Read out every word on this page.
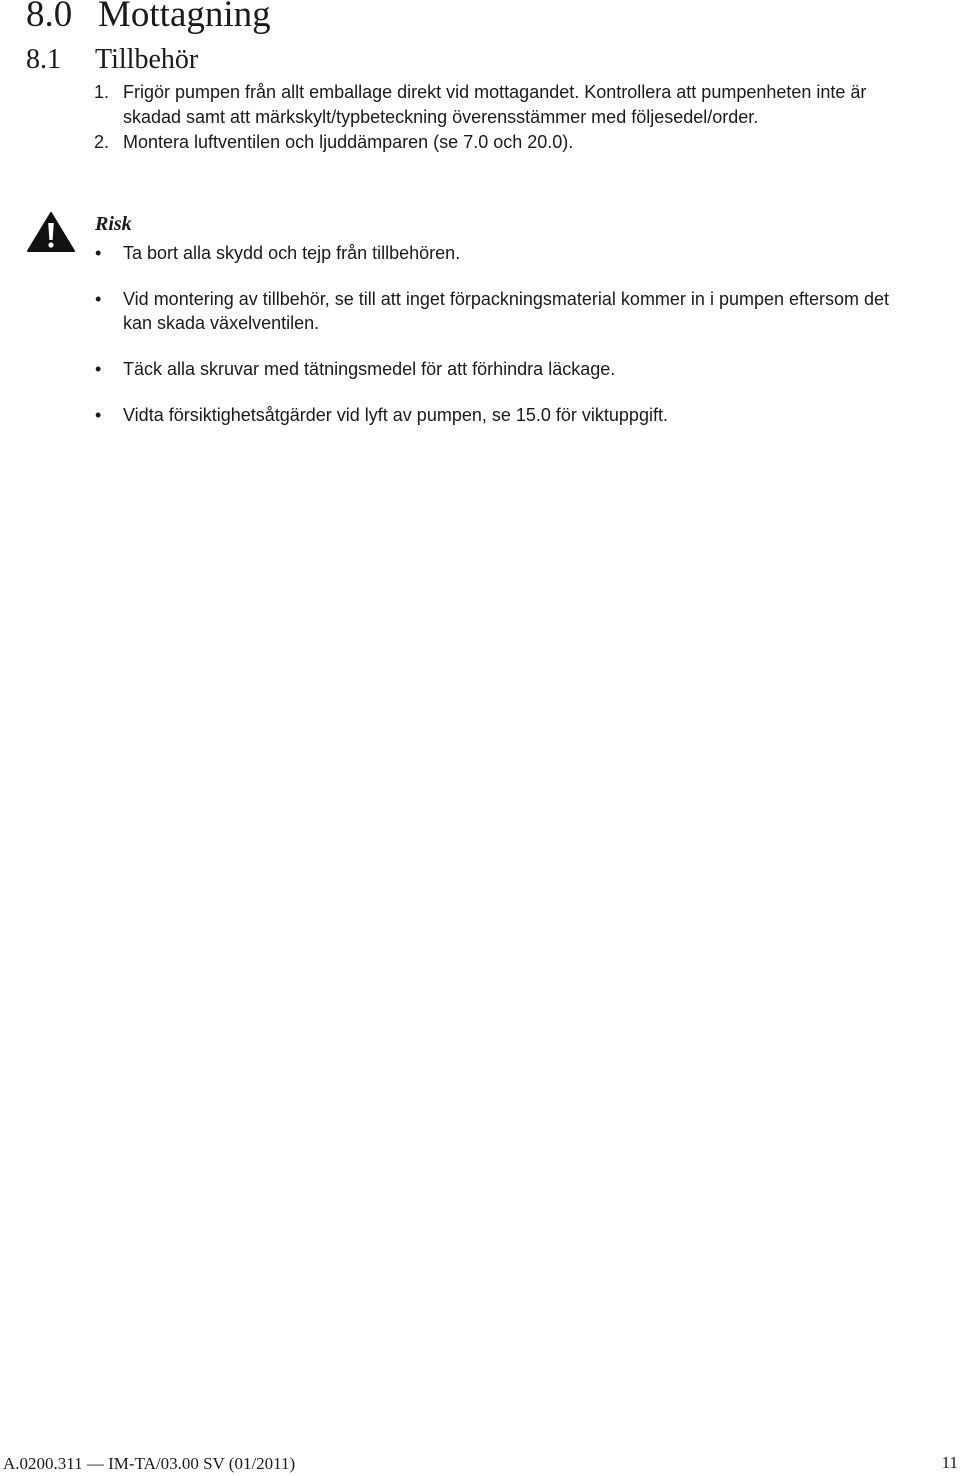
8.0 Mottagning
8.1 Tillbehör
1. Frigör pumpen från allt emballage direkt vid mottagandet. Kontrollera att pumpenheten inte är skadad samt att märkskylt/typbeteckning överensstämmer med följesedel/order.
2. Montera luftventilen och ljuddämparen (se 7.0 och 20.0).
Risk
• Ta bort alla skydd och tejp från tillbehören.
• Vid montering av tillbehör, se till att inget förpackningsmaterial kommer in i pumpen eftersom det kan skada växelventilen.
• Täck alla skruvar med tätningsmedel för att förhindra läckage.
• Vidta försiktighetsåtgärder vid lyft av pumpen, se 15.0 för viktuppgift.
A.0200.311 — IM-TA/03.00 SV (01/2011)	11
